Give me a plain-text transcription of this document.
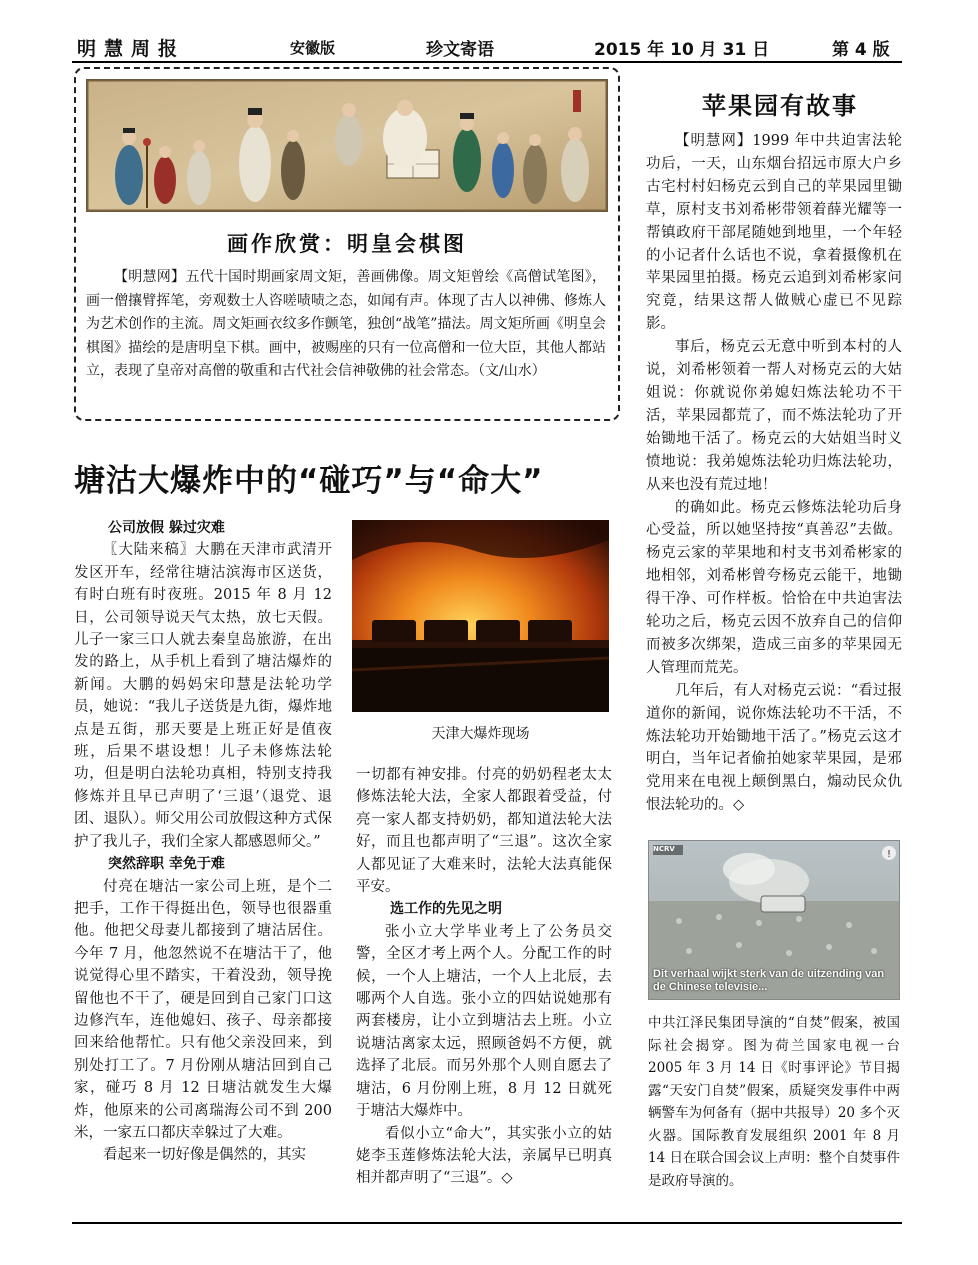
明慧周报	安徽版	珍文寄语	2015 年 10 月 31 日	第 4 版
画作欣赏：明皇会棋图
【明慧网】五代十国时期画家周文矩，善画佛像。周文矩曾绘《高僧试笔图》，画一僧攘臂挥笔，旁观数士人咨嗟啧啧之态，如闻有声。体现了古人以神佛、修炼人为艺术创作的主流。周文矩画衣纹多作颤笔，独创“战笔”描法。周文矩所画《明皇会棋图》描绘的是唐明皇下棋。画中，被赐座的只有一位高僧和一位大臣，其他人都站立，表现了皇帝对高僧的敬重和古代社会信神敬佛的社会常态。（文/山水）
苹果园有故事

【明慧网】1999 年中共迫害法轮功后，一天，山东烟台招远市原大户乡古宅村村妇杨克云到自己的苹果园里锄草，原村支书刘希彬带领着薛光耀等一帮镇政府干部尾随她到地里，一个年轻的小记者什么话也不说，拿着摄像机在苹果园里拍摄。杨克云追到刘希彬家问究竟，结果这帮人做贼心虚已不见踪影。

事后，杨克云无意中听到本村的人说，刘希彬领着一帮人对杨克云的大姑姐说：你就说你弟媳妇炼法轮功不干活，苹果园都荒了，而不炼法轮功了开始锄地干活了。杨克云的大姑姐当时义愤地说：我弟媳炼法轮功归炼法轮功，从来也没有荒过地！

的确如此。杨克云修炼法轮功后身心受益，所以她坚持按“真善忍”去做。杨克云家的苹果地和村支书刘希彬家的地相邻，刘希彬曾夸杨克云能干，地锄得干净、可作样板。恰恰在中共迫害法轮功之后，杨克云因不放弃自己的信仰而被多次绑架，造成三亩多的苹果园无人管理而荒芜。

几年后，有人对杨克云说：“看过报道你的新闻，说你炼法轮功不干活，不炼法轮功开始锄地干活了。”杨克云这才明白，当年记者偷拍她家苹果园，是邪党用来在电视上颠倒黑白，煽动民众仇恨法轮功的。◇

!
NCRV
Dit verhaal wijkt sterk van de uitzending van de Chinese televisie...
中共江泽民集团导演的“自焚”假案，被国际社会揭穿。图为荷兰国家电视一台 2005 年 3 月 14 日《时事评论》节目揭露“天安门自焚”假案，质疑突发事件中两辆警车为何备有（据中共报导）20 多个灭火器。国际教育发展组织 2001 年 8 月 14 日在联合国会议上声明：整个自焚事件是政府导演的。
塘沽大爆炸中的“碰巧”与“命大”
天津大爆炸现场

公司放假 躲过灾难

〖大陆来稿〗大鹏在天津市武清开发区开车，经常往塘沽滨海市区送货，有时白班有时夜班。2015 年 8 月 12 日，公司领导说天气太热，放七天假。儿子一家三口人就去秦皇岛旅游，在出发的路上，从手机上看到了塘沽爆炸的新闻。大鹏的妈妈宋印慧是法轮功学员，她说：“我儿子送货是九街，爆炸地点是五街，那天要是上班正好是值夜班，后果不堪设想！儿子未修炼法轮功，但是明白法轮功真相，特别支持我修炼并且早已声明了‘三退’（退党、退团、退队）。师父用公司放假这种方式保护了我儿子，我们全家人都感恩师父。”

突然辞职 幸免于难

付亮在塘沽一家公司上班，是个二把手，工作干得挺出色，领导也很器重他。他把父母妻儿都接到了塘沽居住。今年 7 月，他忽然说不在塘沽干了，他说觉得心里不踏实，干着没劲，领导挽留他也不干了，硬是回到自己家门口这边修汽车，连他媳妇、孩子、母亲都接回来给他帮忙。只有他父亲没回来，到别处打工了。7 月份刚从塘沽回到自己家，碰巧 8 月 12 日塘沽就发生大爆炸，他原来的公司离瑞海公司不到 200 米，一家五口都庆幸躲过了大难。

看起来一切好像是偶然的，其实

一切都有神安排。付亮的奶奶程老太太修炼法轮大法，全家人都跟着受益，付亮一家人都支持奶奶，都知道法轮大法好，而且也都声明了“三退”。这次全家人都见证了大难来时，法轮大法真能保平安。

选工作的先见之明

张小立大学毕业考上了公务员交警，全区才考上两个人。分配工作的时候，一个人上塘沽，一个人上北辰，去哪两个人自选。张小立的四姑说她那有两套楼房，让小立到塘沽去上班。小立说塘沽离家太远，照顾爸妈不方便，就选择了北辰。而另外那个人则自愿去了塘沽，6 月份刚上班，8 月 12 日就死于塘沽大爆炸中。

看似小立“命大”，其实张小立的姑姥李玉莲修炼法轮大法，亲属早已明真相并都声明了“三退”。◇
